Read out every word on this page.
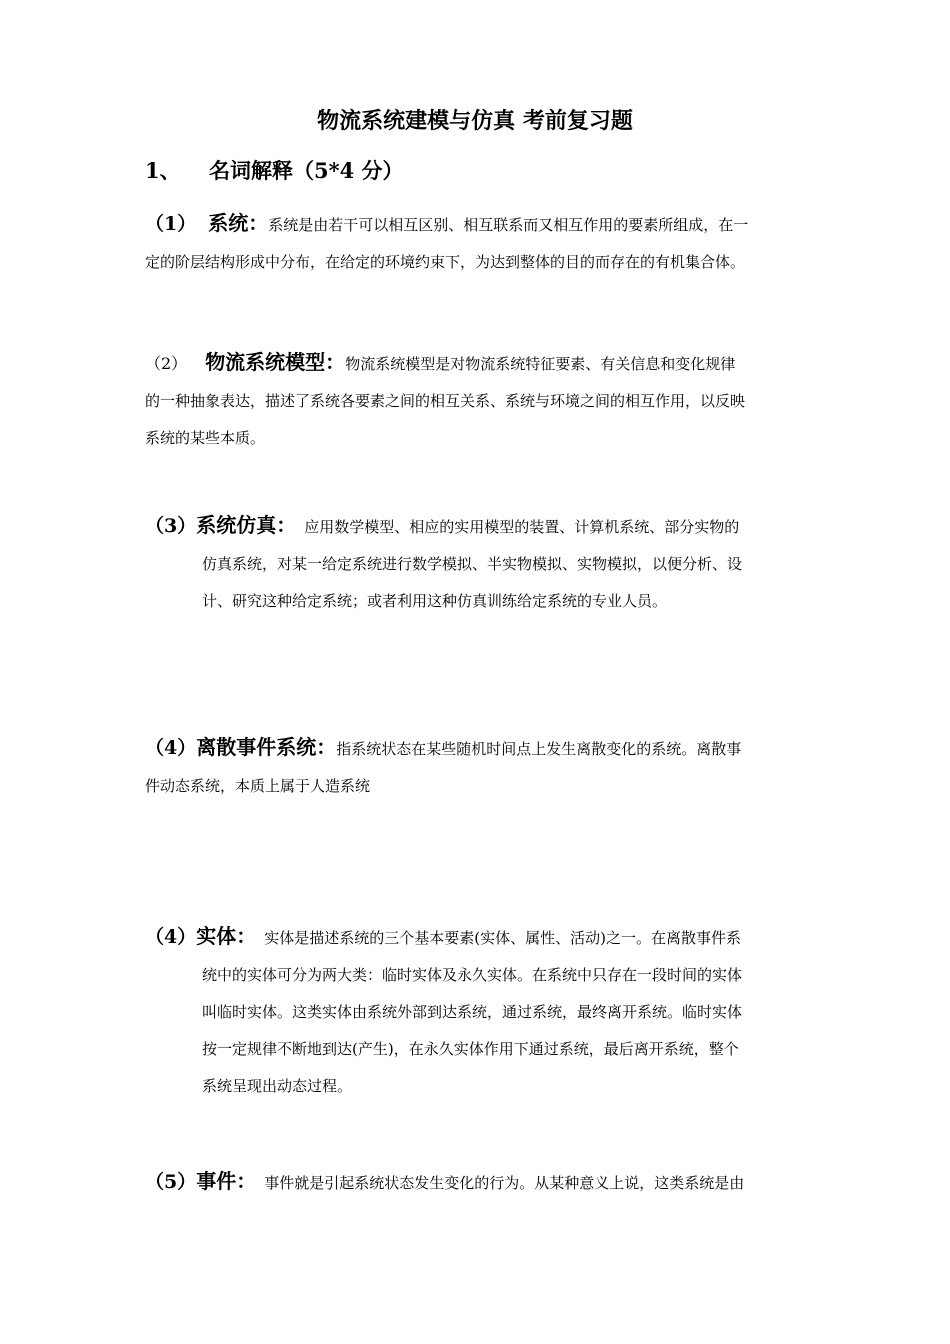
物流系统建模与仿真 考前复习题
1、 名词解释（5*4 分）
（1） 系统：系统是由若干可以相互区别、相互联系而又相互作用的要素所组成，在一
定的阶层结构形成中分布，在给定的环境约束下，为达到整体的目的而存在的有机集合体。
（2） 物流系统模型：物流系统模型是对物流系统特征要素、有关信息和变化规律
的一种抽象表达，描述了系统各要素之间的相互关系、系统与环境之间的相互作用，以反映
系统的某些本质。
（3）系统仿真： 应用数学模型、相应的实用模型的装置、计算机系统、部分实物的
仿真系统，对某一给定系统进行数学模拟、半实物模拟、实物模拟，以便分析、设
计、研究这种给定系统；或者利用这种仿真训练给定系统的专业人员。
（4）离散事件系统：指系统状态在某些随机时间点上发生离散变化的系统。离散事
件动态系统，本质上属于人造系统
（4）实体： 实体是描述系统的三个基本要素(实体、属性、活动)之一。在离散事件系
统中的实体可分为两大类：临时实体及永久实体。在系统中只存在一段时间的实体
叫临时实体。这类实体由系统外部到达系统，通过系统，最终离开系统。临时实体
按一定规律不断地到达(产生)，在永久实体作用下通过系统，最后离开系统，整个
系统呈现出动态过程。
（5）事件： 事件就是引起系统状态发生变化的行为。从某种意义上说，这类系统是由
